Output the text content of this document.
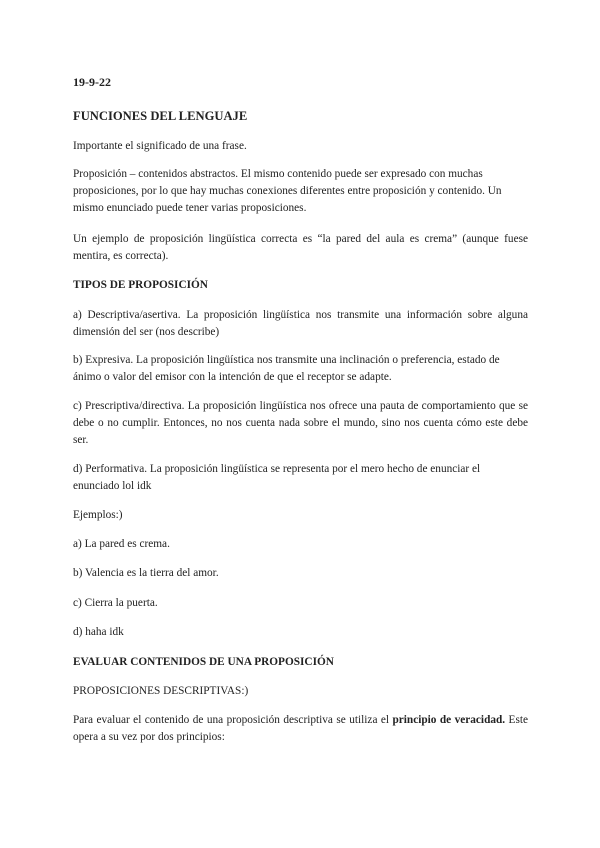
19-9-22
FUNCIONES DEL LENGUAJE
Importante el significado de una frase.
Proposición – contenidos abstractos. El mismo contenido puede ser expresado con muchas proposiciones, por lo que hay muchas conexiones diferentes entre proposición y contenido. Un mismo enunciado puede tener varias proposiciones.
Un ejemplo de proposición lingüística correcta es “la pared del aula es crema” (aunque fuese mentira, es correcta).
TIPOS DE PROPOSICIÓN
a) Descriptiva/asertiva. La proposición lingüística nos transmite una información sobre alguna dimensión del ser (nos describe)
b) Expresiva. La proposición lingüística nos transmite una inclinación o preferencia, estado de ánimo o valor del emisor con la intención de que el receptor se adapte.
c) Prescriptiva/directiva. La proposición lingüística nos ofrece una pauta de comportamiento que se debe o no cumplir. Entonces, no nos cuenta nada sobre el mundo, sino nos cuenta cómo este debe ser.
d) Performativa. La proposición lingüística se representa por el mero hecho de enunciar el enunciado lol idk
Ejemplos:)
a) La pared es crema.
b) Valencia es la tierra del amor.
c) Cierra la puerta.
d) haha idk
EVALUAR CONTENIDOS DE UNA PROPOSICIÓN
PROPOSICIONES DESCRIPTIVAS:)
Para evaluar el contenido de una proposición descriptiva se utiliza el principio de veracidad. Este opera a su vez por dos principios:
